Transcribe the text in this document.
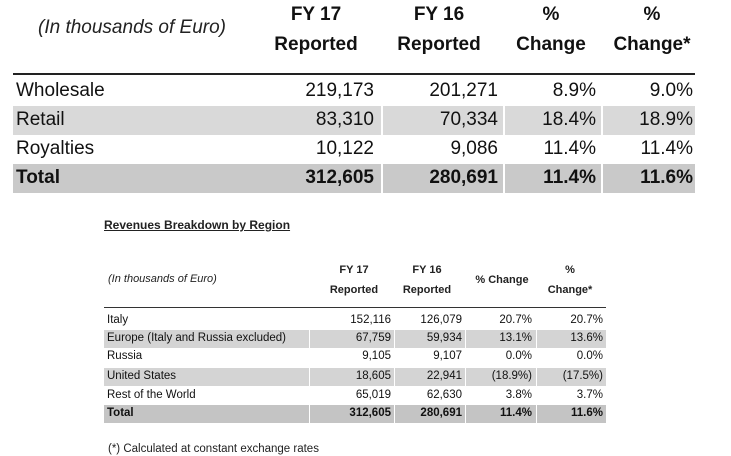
(In thousands of Euro)
FY 17
Reported
FY 16
Reported
%
Change
%
Change*
Wholesale	219,173	201,271	8.9%	9.0%
Retail	83,310	70,334 18.4% 18.9%
Royalties	10,122	9,086 11.4% 11.4%
Total	312,605	280,691 11.4% 11.6%
Revenues Breakdown by Region
(In thousands of Euro)
FY 17
Reported
FY 16
Reported
% Change
%
Change*
Italy	152,116	126,079	20.7%	20.7%
Europe (Italy and Russia excluded)	67,759	59,934	13.1%	13.6%
Russia	9,105	9,107	0.0%	0.0%
United States	18,605	22,941	(18.9%)	(17.5%)
Rest of the World	65,019	62,630	3.8%	3.7%
Total	312,605	280,691	11.4%	11.6%
(*) Calculated at constant exchange rates
